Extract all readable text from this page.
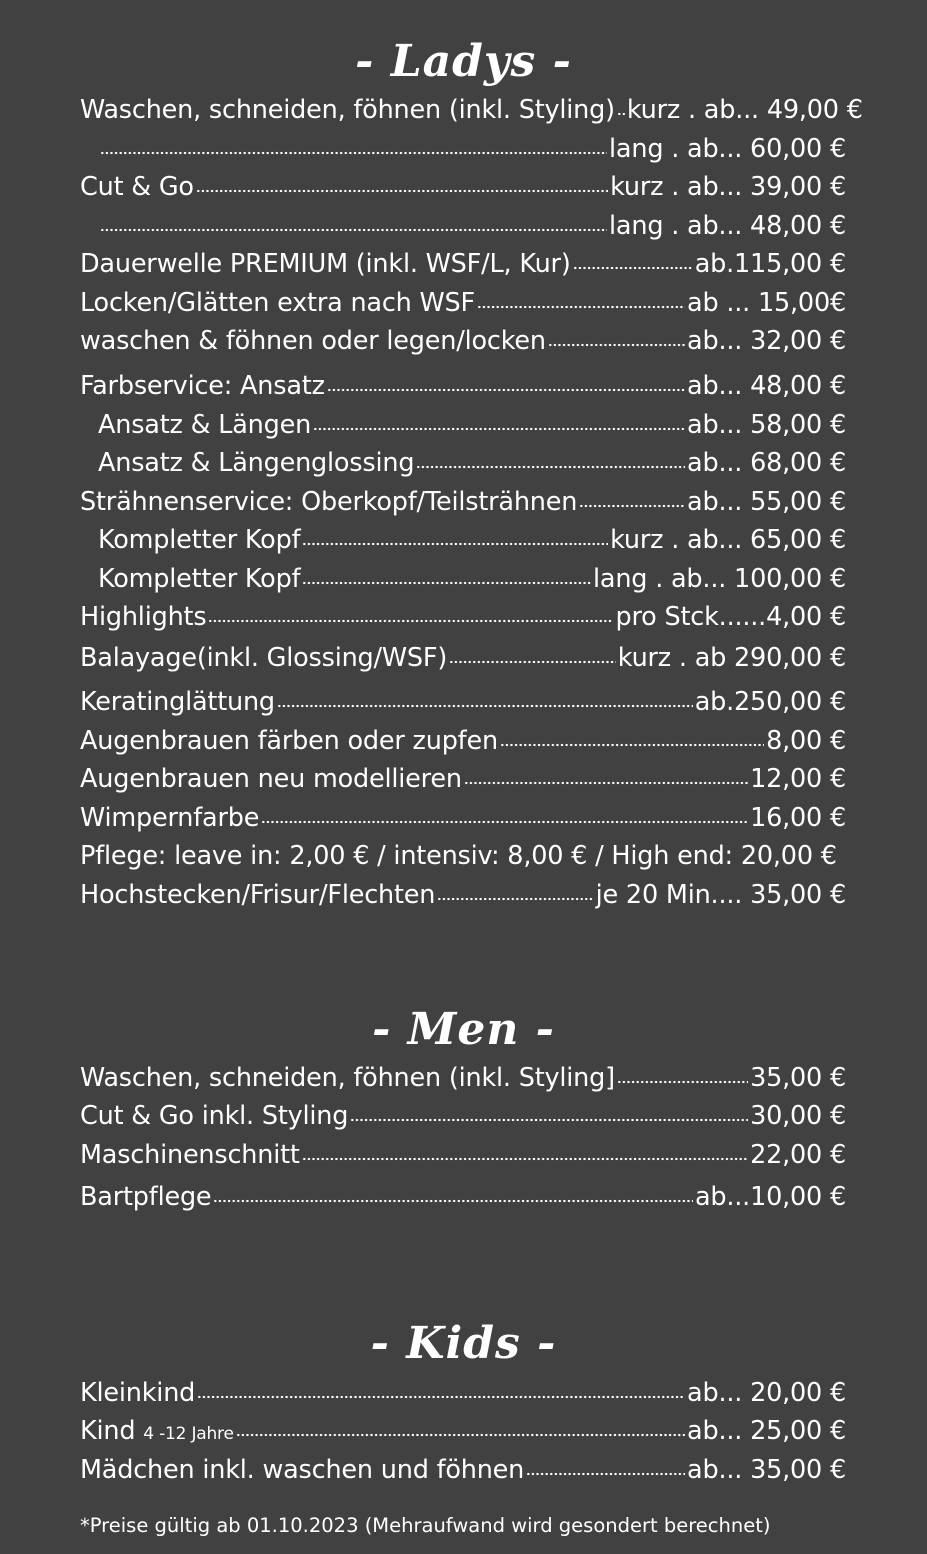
- Ladys -
Waschen, schneiden, föhnen (inkl. Styling) kurz . ab... 49,00 €
lang . ab... 60,00 €
Cut & Go	kurz . ab... 39,00 €
lang . ab... 48,00 €
Dauerwelle PREMIUM (inkl. WSF/L, Kur)	ab.115,00 €
Locken/Glätten extra nach WSF	ab ... 15,00€
waschen & föhnen oder legen/locken	ab... 32,00 €
Farbservice: Ansatz	ab... 48,00 €
Ansatz & Längen	ab... 58,00 €
Ansatz & Längenglossing	ab... 68,00 €
Strähnenservice: Oberkopf/Teilsträhnen	ab... 55,00 €
Kompletter Kopf	kurz . ab... 65,00 €
Kompletter Kopf	lang . ab... 100,00 €
Highlights	pro Stck......4,00 €
Balayage(inkl. Glossing/WSF)	kurz . ab 290,00 €
Keratinglättung	ab.250,00 €
Augenbrauen färben oder zupfen	8,00 €
Augenbrauen neu modellieren	12,00 €
Wimpernfarbe	16,00 €
Pflege: leave in: 2,00 € / intensiv: 8,00 € / High end: 20,00 €
Hochstecken/Frisur/Flechten	je 20 Min.... 35,00 €
- Men -
Waschen, schneiden, föhnen (inkl. Styling]	35,00 €
Cut & Go inkl. Styling	30,00 €
Maschinenschnitt	22,00 €
Bartpflege	ab...10,00 €
- Kids -
Kleinkind	ab... 20,00 €
Kind 4 -12 Jahre	ab... 25,00 €
Mädchen inkl. waschen und föhnen	ab... 35,00 €
*Preise gültig ab 01.10.2023 (Mehraufwand wird gesondert berechnet)
